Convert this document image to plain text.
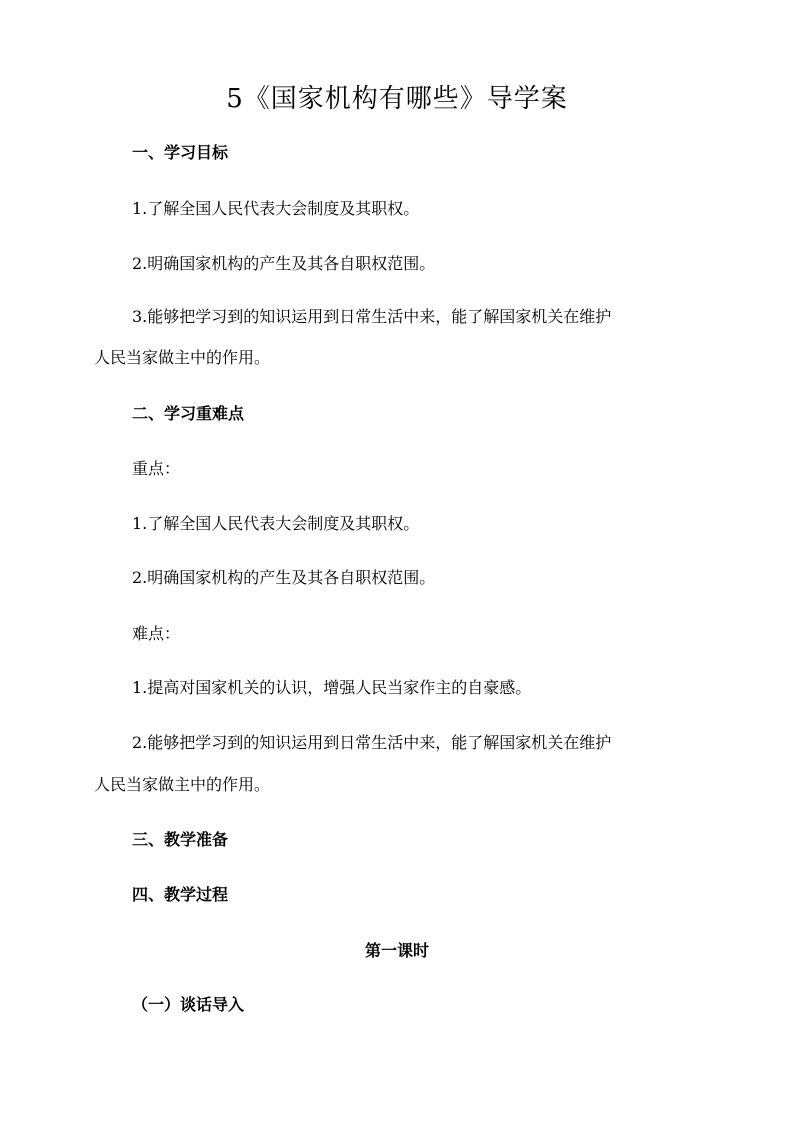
5《国家机构有哪些》导学案
一、学习目标
1.了解全国人民代表大会制度及其职权。
2.明确国家机构的产生及其各自职权范围。
3.能够把学习到的知识运用到日常生活中来，能了解国家机关在维护
人民当家做主中的作用。
二、学习重难点
重点：
1.了解全国人民代表大会制度及其职权。
2.明确国家机构的产生及其各自职权范围。
难点：
1.提高对国家机关的认识，增强人民当家作主的自豪感。
2.能够把学习到的知识运用到日常生活中来，能了解国家机关在维护
人民当家做主中的作用。
三、教学准备
四、教学过程
第一课时
（一）谈话导入
